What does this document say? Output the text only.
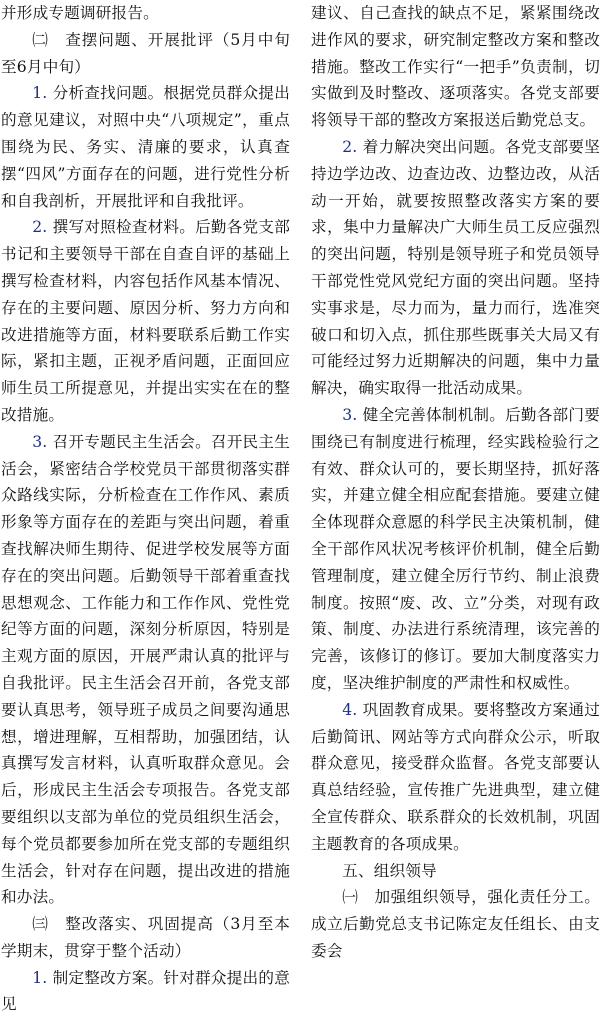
并形成专题调研报告。

㈡　查摆问题、开展批评（5月中旬至6月中旬）

1. 分析查找问题。根据党员群众提出的意见建议，对照中央“八项规定”，重点围绕为民、务实、清廉的要求，认真查摆“四风”方面存在的问题，进行党性分析和自我剖析，开展批评和自我批评。

2. 撰写对照检查材料。后勤各党支部书记和主要领导干部在自查自评的基础上撰写检查材料，内容包括作风基本情况、存在的主要问题、原因分析、努力方向和改进措施等方面，材料要联系后勤工作实际，紧扣主题，正视矛盾问题，正面回应师生员工所提意见，并提出实实在在的整改措施。

3. 召开专题民主生活会。召开民主生活会，紧密结合学校党员干部贯彻落实群众路线实际，分析检查在工作作风、素质形象等方面存在的差距与突出问题，着重查找解决师生期待、促进学校发展等方面存在的突出问题。后勤领导干部着重查找思想观念、工作能力和工作作风、党性党纪等方面的问题，深刻分析原因，特别是主观方面的原因，开展严肃认真的批评与自我批评。民主生活会召开前，各党支部要认真思考，领导班子成员之间要沟通思想，增进理解，互相帮助，加强团结，认真撰写发言材料，认真听取群众意见。会后，形成民主生活会专项报告。各党支部要组织以支部为单位的党员组织生活会，每个党员都要参加所在党支部的专题组织生活会，针对存在问题，提出改进的措施和办法。

㈢　整改落实、巩固提高（3月至本学期末，贯穿于整个活动）

1. 制定整改方案。针对群众提出的意见

建议、自己查找的缺点不足，紧紧围绕改进作风的要求，研究制定整改方案和整改措施。整改工作实行“一把手”负责制，切实做到及时整改、逐项落实。各党支部要将领导干部的整改方案报送后勤党总支。

2. 着力解决突出问题。各党支部要坚持边学边改、边查边改、边整边改，从活动一开始，就要按照整改落实方案的要求，集中力量解决广大师生员工反应强烈的突出问题，特别是领导班子和党员领导干部党性党风党纪方面的突出问题。坚持实事求是，尽力而为，量力而行，选准突破口和切入点，抓住那些既事关大局又有可能经过努力近期解决的问题，集中力量解决，确实取得一批活动成果。

3. 健全完善体制机制。后勤各部门要围绕已有制度进行梳理，经实践检验行之有效、群众认可的，要长期坚持，抓好落实，并建立健全相应配套措施。要建立健全体现群众意愿的科学民主决策机制，健全干部作风状况考核评价机制，健全后勤管理制度，建立健全厉行节约、制止浪费制度。按照“废、改、立”分类，对现有政策、制度、办法进行系统清理，该完善的完善，该修订的修订。要加大制度落实力度，坚决维护制度的严肃性和权威性。

4. 巩固教育成果。要将整改方案通过后勤简讯、网站等方式向群众公示，听取群众意见，接受群众监督。各党支部要认真总结经验，宣传推广先进典型，建立健全宣传群众、联系群众的长效机制，巩固主题教育的各项成果。

五、组织领导

㈠　加强组织领导，强化责任分工。成立后勤党总支书记陈定友任组长、由支委会
